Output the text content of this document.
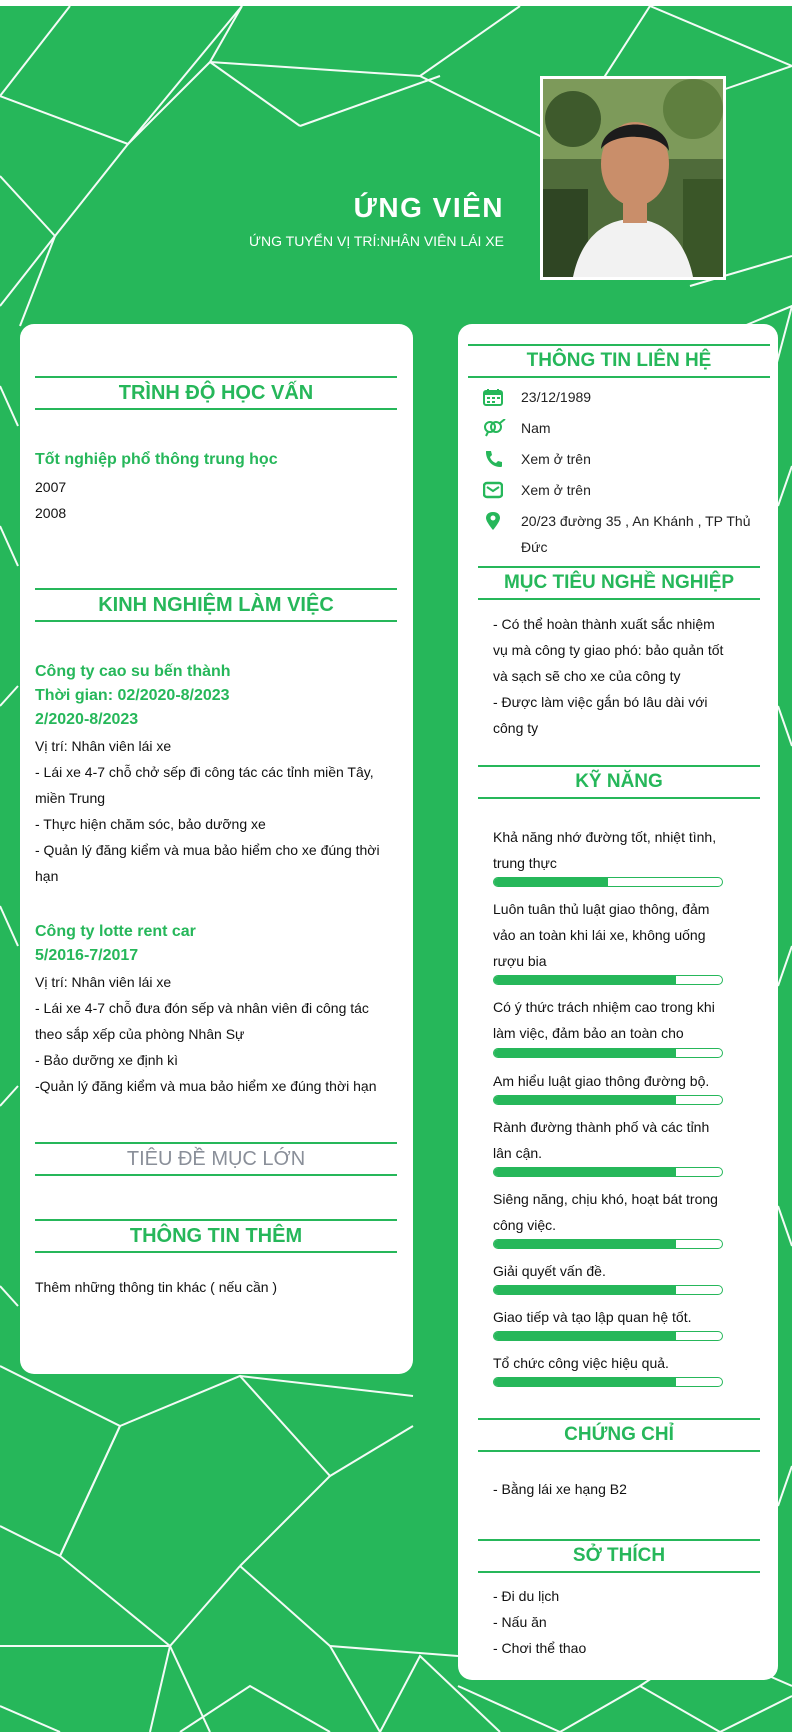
ỨNG VIÊN
ỨNG TUYỂN VỊ TRÍ:NHÂN VIÊN LÁI XE
TRÌNH ĐỘ HỌC VẤN
Tốt nghiệp phổ thông trung học
2007
2008
KINH NGHIỆM LÀM VIỆC
Công ty cao su bến thành
Thời gian: 02/2020-8/2023
2/2020-8/2023
Vị trí: Nhân viên lái xe
- Lái xe 4-7 chỗ chở sếp đi công tác các tỉnh miền Tây, miền Trung
- Thực hiện chăm sóc, bảo dưỡng xe
- Quản lý đăng kiểm và mua bảo hiểm cho xe đúng thời hạn
Công ty lotte rent car
5/2016-7/2017
Vị trí: Nhân viên lái xe
- Lái xe 4-7 chỗ đưa đón sếp và nhân viên đi công tác theo sắp xếp của phòng Nhân Sự
- Bảo dưỡng xe định kì
-Quản lý đăng kiểm và mua bảo hiểm xe đúng thời hạn
TIÊU ĐỀ MỤC LỚN
THÔNG TIN THÊM
Thêm những thông tin khác ( nếu cần )
THÔNG TIN LIÊN HỆ
23/12/1989
Nam
Xem ở trên
Xem ở trên
20/23 đường 35 , An Khánh , TP Thủ Đức
MỤC TIÊU NGHỀ NGHIỆP
- Có thể hoàn thành xuất sắc nhiệm vụ mà công ty giao phó: bảo quản tốt và sạch sẽ cho xe của công ty
- Được làm việc gắn bó lâu dài với công ty
KỸ NĂNG
Khả năng nhớ đường tốt, nhiệt tình, trung thực
Luôn tuân thủ luật giao thông, đảm vảo an toàn khi lái xe, không uống rượu bia
Có ý thức trách nhiệm cao trong khi làm việc, đảm bảo an toàn cho
Am hiểu luật giao thông đường bộ.
Rành đường thành phố và các tỉnh lân cận.
Siêng năng, chịu khó, hoạt bát trong công việc.
Giải quyết vấn đề.
Giao tiếp và tạo lập quan hệ tốt.
Tổ chức công việc hiệu quả.
CHỨNG CHỈ
- Bằng lái xe hạng B2
SỞ THÍCH
- Đi du lịch
- Nấu ăn
- Chơi thể thao
